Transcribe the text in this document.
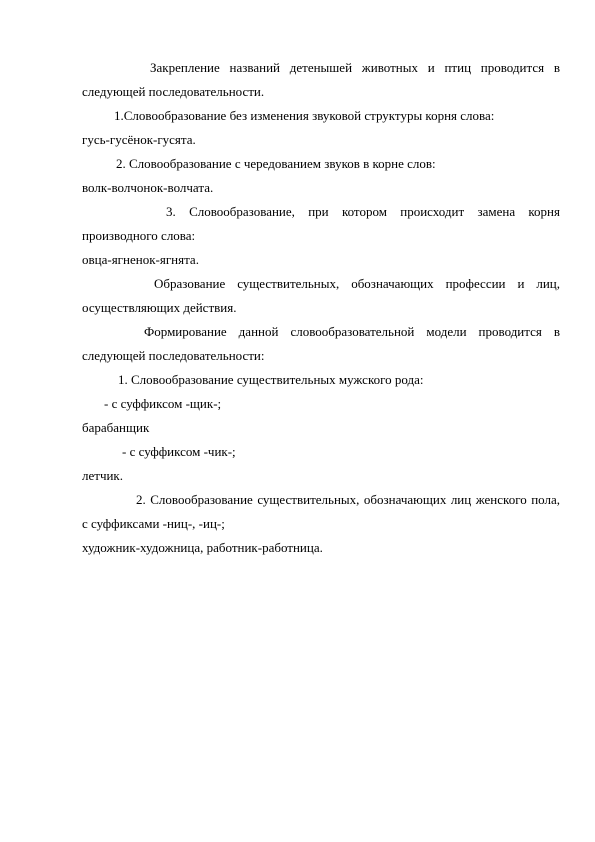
Закрепление названий детенышей животных и птиц проводится в следующей последовательности.

1.Словообразование без изменения звуковой структуры корня слова:

гусь-гусёнок-гусята.

2. Словообразование с чередованием звуков в корне слов:

волк-волчонок-волчата.

3. Словообразование, при котором происходит замена корня производного слова:

овца-ягненок-ягнята.

Образование существительных, обозначающих профессии и лиц, осуществляющих действия.

Формирование данной словообразовательной модели проводится в следующей последовательности:

1. Словообразование существительных мужского рода:

- с суффиксом -щик-;

барабанщик

- с суффиксом -чик-;

летчик.

2. Словообразование существительных, обозначающих лиц женского пола, с суффиксами -ниц-, -иц-;

художник-художница, работник-работница.
